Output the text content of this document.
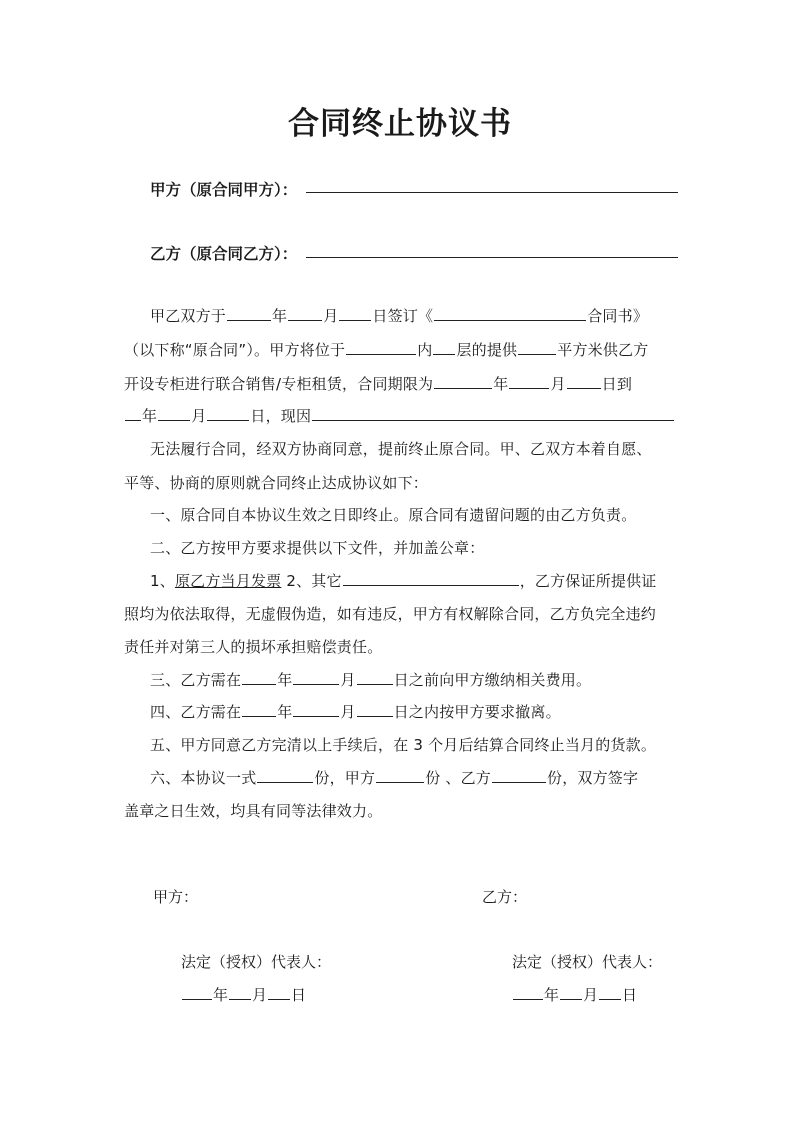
合同终止协议书
甲方（原合同甲方）：
乙方（原合同乙方）：
甲乙双方于	年 月 日签订《	合同书》
（以下称“原合同”）。甲方将位于	内 层的提供	平方米供乙方
开设专柜进行联合销售/专柜租赁，合同期限为	年	月 日到
年 月	日，现因
无法履行合同，经双方协商同意，提前终止原合同。甲、乙双方本着自愿、
平等、协商的原则就合同终止达成协议如下：
一、原合同自本协议生效之日即终止。原合同有遗留问题的由乙方负责。
二、乙方按甲方要求提供以下文件，并加盖公章：
1、原乙方当月发票 2、其它	，乙方保证所提供证
照均为依法取得，无虚假伪造，如有违反，甲方有权解除合同，乙方负完全违约
责任并对第三人的损坏承担赔偿责任。
三、乙方需在 年	月	日之前向甲方缴纳相关费用。
四、乙方需在 年	月	日之内按甲方要求撤离。
五、甲方同意乙方完清以上手续后，在 3 个月后结算合同终止当月的货款。
六、本协议一式	份，甲方	份 、乙方	份，双方签字
盖章之日生效，均具有同等法律效力。
甲方：	乙方：
法定（授权）代表人：	法定（授权）代表人：
年 月 日	年 月 日
